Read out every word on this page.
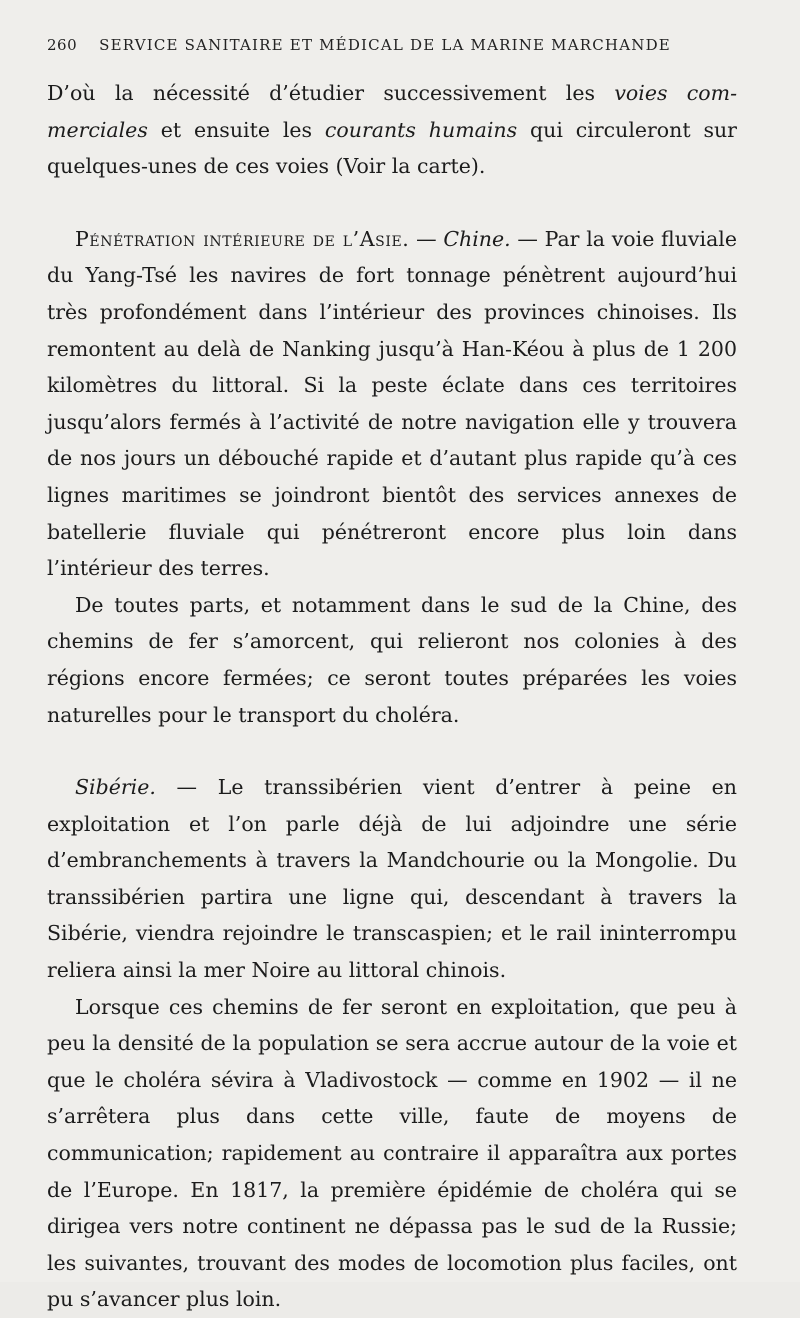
260 SERVICE SANITAIRE ET MÉDICAL DE LA MARINE MARCHANDE

D’où la nécessité d’étudier successivement les voies com-merciales et ensuite les courants humains qui circuleront sur quelques-unes de ces voies (Voir la carte).

Pénétration intérieure de l’Asie. — Chine. — Par la voie fluviale du Yang-Tsé les navires de fort tonnage pénètrent aujourd’hui très profondément dans l’intérieur des provinces chinoises. Ils remontent au delà de Nanking jusqu’à Han-Kéou à plus de 1 200 kilomètres du littoral. Si la peste éclate dans ces territoires jusqu’alors fermés à l’activité de notre navigation elle y trouvera de nos jours un débouché rapide et d’autant plus rapide qu’à ces lignes maritimes se joindront bientôt des services annexes de batellerie fluviale qui pénétreront encore plus loin dans l’intérieur des terres.

De toutes parts, et notamment dans le sud de la Chine, des chemins de fer s’amorcent, qui relieront nos colonies à des régions encore fermées; ce seront toutes préparées les voies naturelles pour le transport du choléra.

Sibérie. — Le transsibérien vient d’entrer à peine en exploitation et l’on parle déjà de lui adjoindre une série d’embranchements à travers la Mandchourie ou la Mongolie. Du transsibérien partira une ligne qui, descendant à travers la Sibérie, viendra rejoindre le transcaspien; et le rail ininterrompu reliera ainsi la mer Noire au littoral chinois.

Lorsque ces chemins de fer seront en exploitation, que peu à peu la densité de la population se sera accrue autour de la voie et que le choléra sévira à Vladivostock — comme en 1902 — il ne s’arrêtera plus dans cette ville, faute de moyens de communication; rapidement au contraire il apparaîtra aux portes de l’Europe. En 1817, la première épidémie de choléra qui se dirigea vers notre continent ne dépassa pas le sud de la Russie; les suivantes, trouvant des modes de locomotion plus faciles, ont pu s’avancer plus loin.
